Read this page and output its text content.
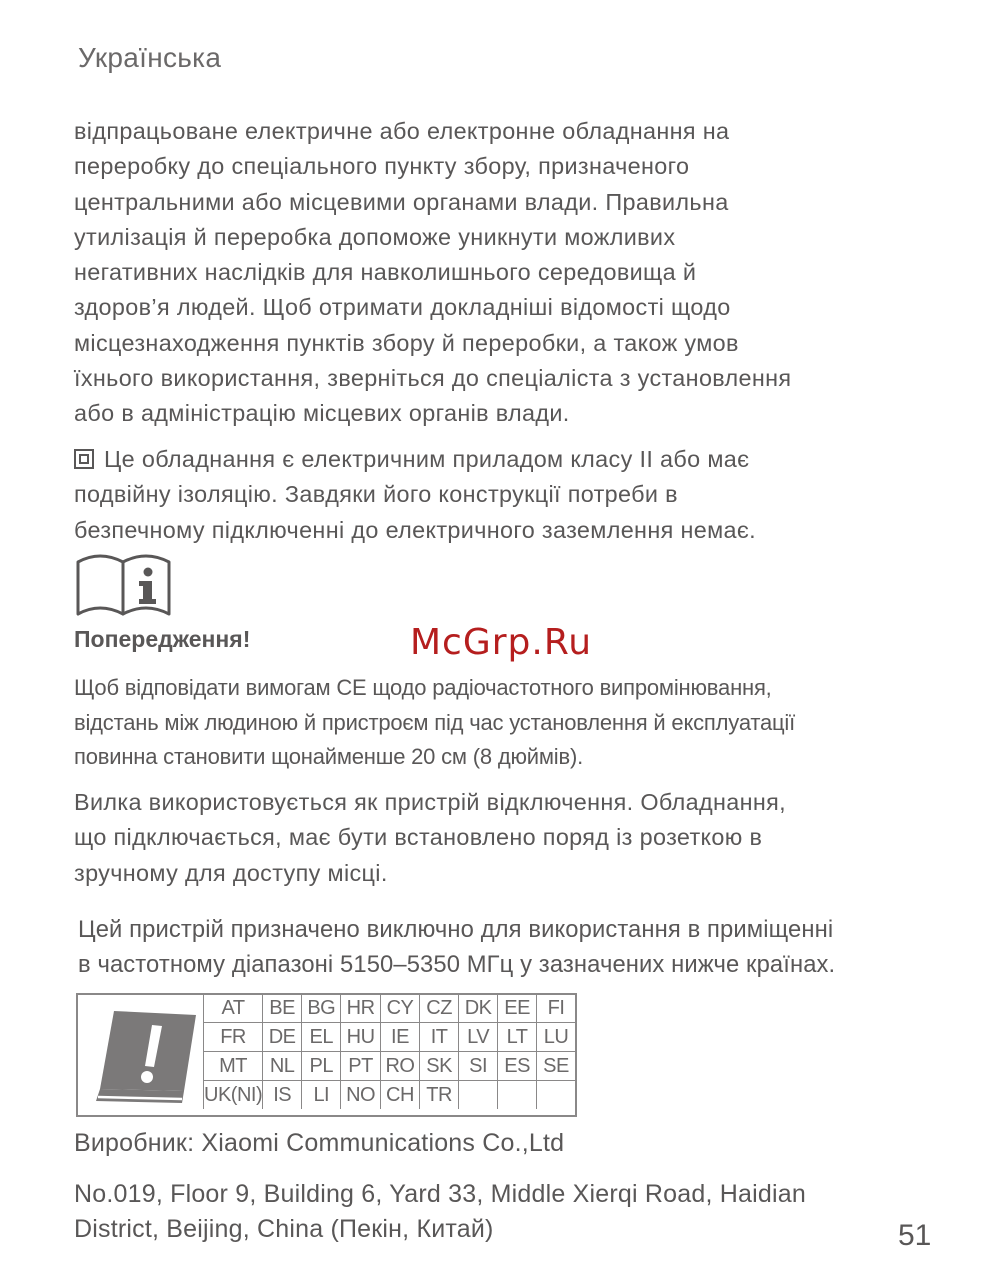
Українська

відпрацьоване електричне або електронне обладнання на
переробку до спеціального пункту збору, призначеного
центральними або місцевими органами влади. Правильна
утилізація й переробка допоможе уникнути можливих
негативних наслідків для навколишнього середовища й
здоров’я людей. Щоб отримати докладніші відомості щодо
місцезнаходження пунктів збору й переробки, а також умов
їхнього використання, зверніться до спеціаліста з установлення
або в адміністрацію місцевих органів влади.

Це обладнання є електричним приладом класу II або має
подвійну ізоляцію. Завдяки його конструкції потреби в
безпечному підключенні до електричного заземлення немає.

Попередження!	McGrp.Ru

Щоб відповідати вимогам CE щодо радіочастотного випромінювання,
відстань між людиною й пристроєм під час установлення й експлуатації
повинна становити щонайменше 20 см (8 дюймів).

Вилка використовується як пристрій відключення. Обладнання,
що підключається, має бути встановлено поряд із розеткою в
зручному для доступу місці.

Цей пристрій призначено виключно для використання в приміщенні
в частотному діапазоні 5150–5350 МГц у зазначених нижче країнах.

AT	BE	BG	HR	CY	CZ	DK	EE	FI
FR	DE	EL	HU	IE	IT	LV	LT	LU
MT	NL	PL	PT	RO	SK	SI	ES	SE
UK(NI)	IS	LI	NO	CH	TR			

Виробник: Xiaomi Communications Co.,Ltd

No.019, Floor 9, Building 6, Yard 33, Middle Xierqi Road, Haidian
District, Beijing, China (Пекін, Китай)	51
